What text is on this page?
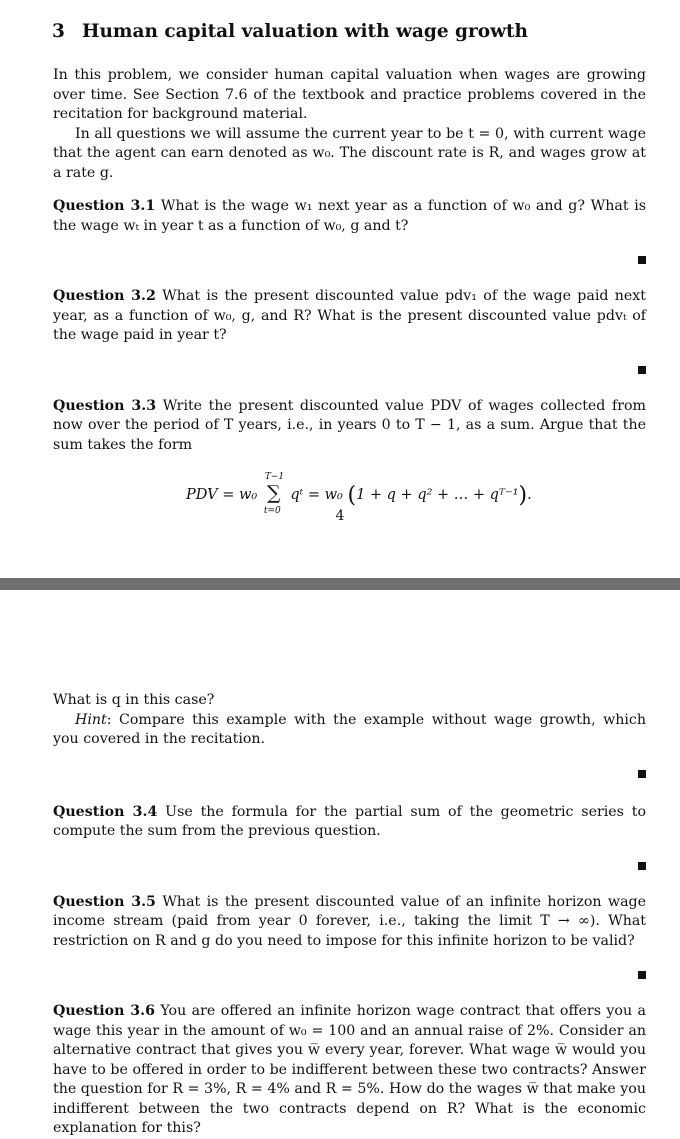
3 Human capital valuation with wage growth

In this problem, we consider human capital valuation when wages are growing over time. See Section 7.6 of the textbook and practice problems covered in the recitation for background material.

In all questions we will assume the current year to be t = 0, with current wage that the agent can earn denoted as w₀. The discount rate is R, and wages grow at a rate g.

Question 3.1 What is the wage w₁ next year as a function of w₀ and g? What is the wage wₜ in year t as a function of w₀, g and t?

Question 3.2 What is the present discounted value pdv₁ of the wage paid next year, as a function of w₀, g, and R? What is the present discounted value pdvₜ of the wage paid in year t?

Question 3.3 Write the present discounted value PDV of wages collected from now over the period of T years, i.e., in years 0 to T − 1, as a sum. Argue that the sum takes the form

PDV = w₀
T−1
∑
t=0
qᵗ = w₀ (1 + q + q² + … + qᵀ⁻¹).
4

What is q in this case?

Hint: Compare this example with the example without wage growth, which you covered in the recitation.

Question 3.4 Use the formula for the partial sum of the geometric series to compute the sum from the previous question.

Question 3.5 What is the present discounted value of an infinite horizon wage income stream (paid from year 0 forever, i.e., taking the limit T → ∞). What restriction on R and g do you need to impose for this infinite horizon to be valid?

Question 3.6 You are offered an infinite horizon wage contract that offers you a wage this year in the amount of w₀ = 100 and an annual raise of 2%. Consider an alternative contract that gives you w̅ every year, forever. What wage w̅ would you have to be offered in order to be indifferent between these two contracts? Answer the question for R = 3%, R = 4% and R = 5%. How do the wages w̅ that make you indifferent between the two contracts depend on R? What is the economic explanation for this?
